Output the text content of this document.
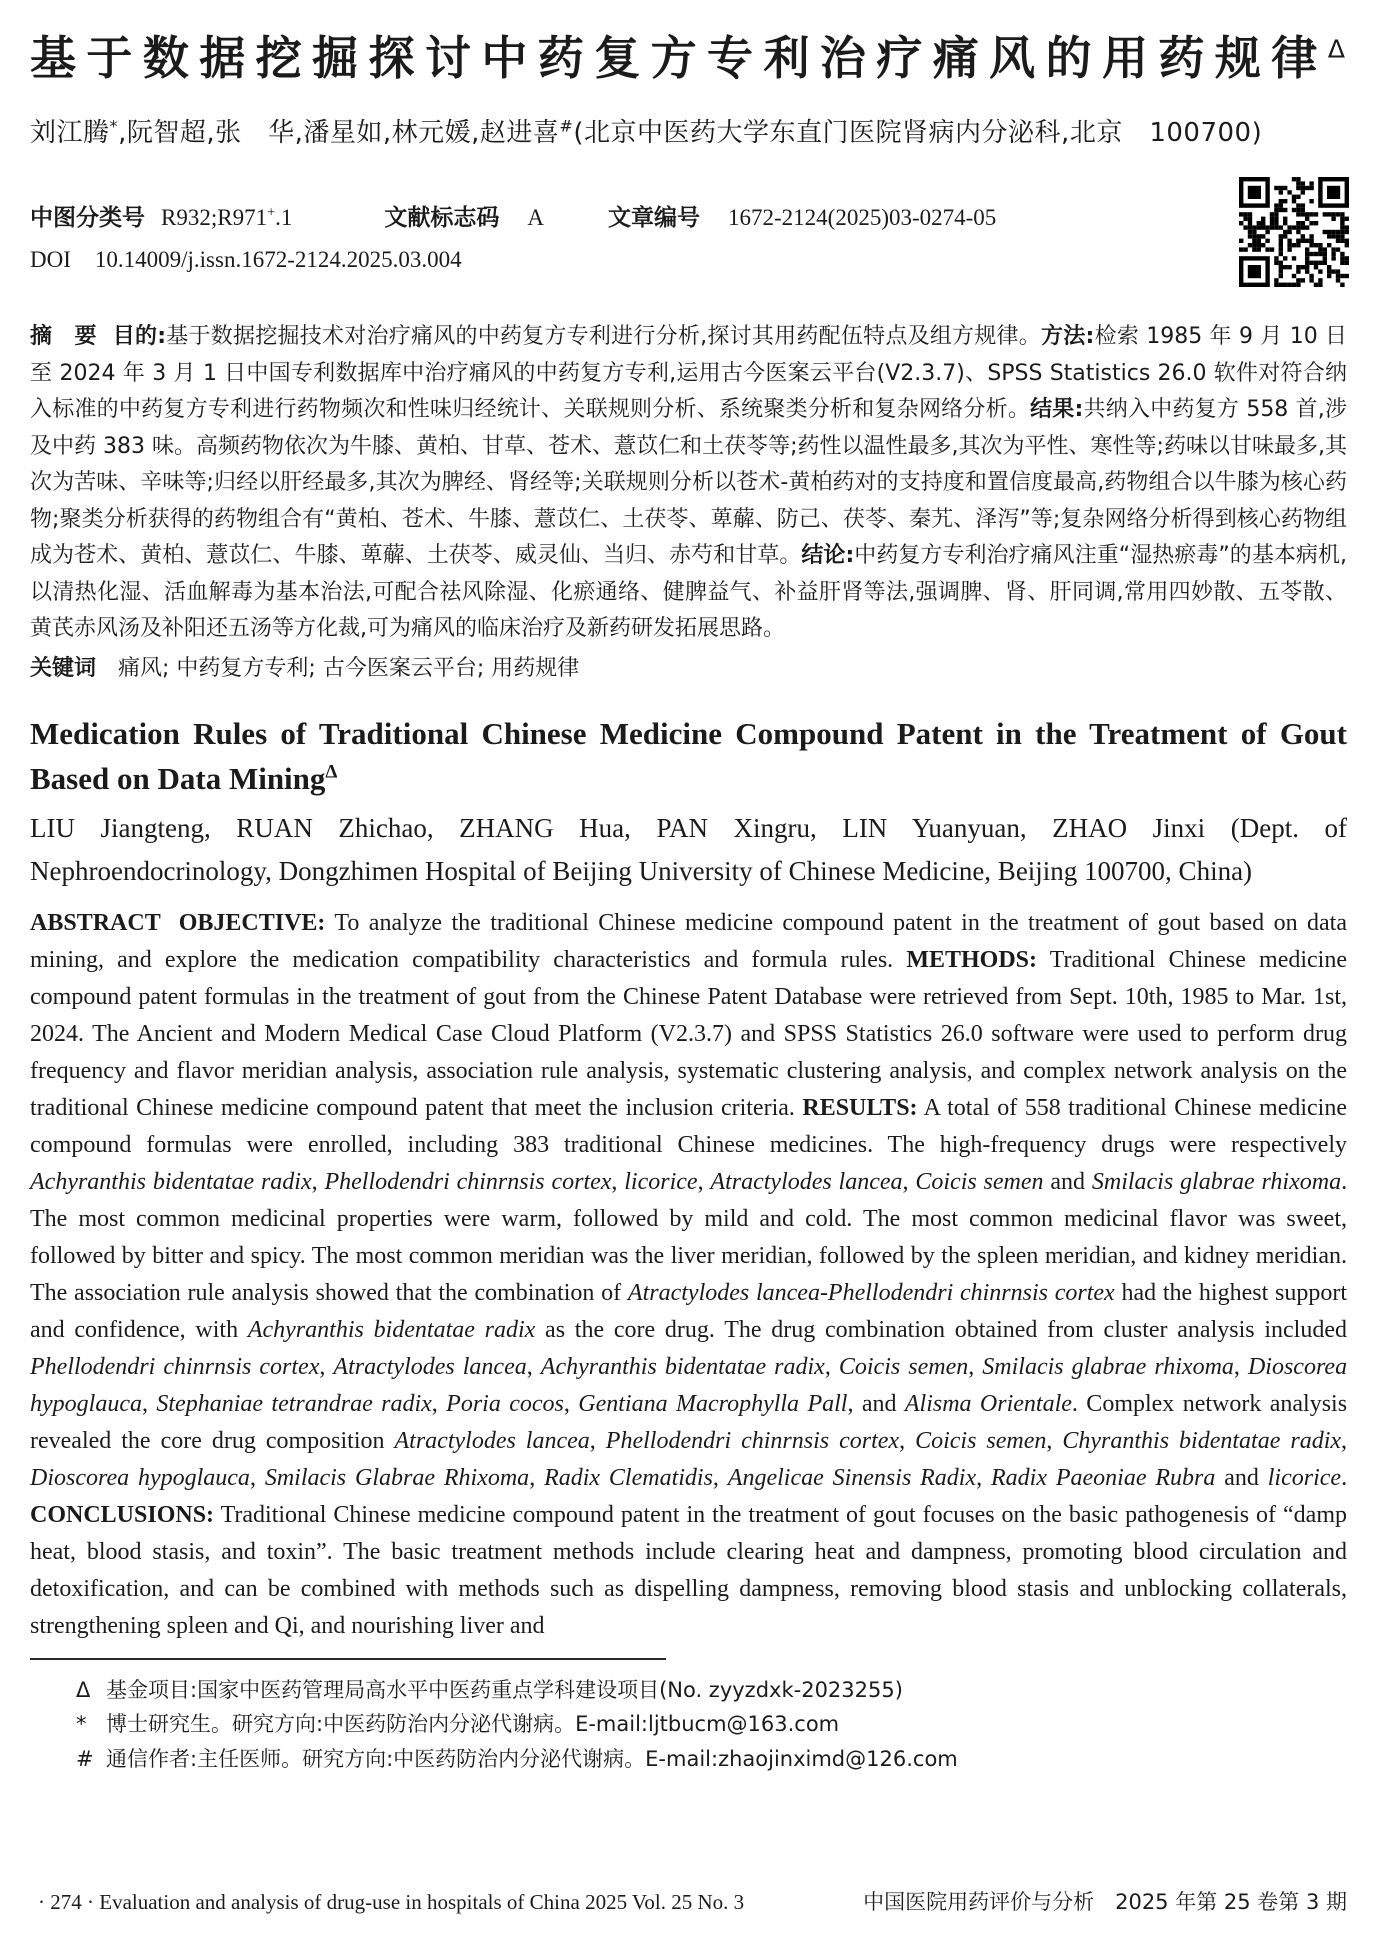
基于数据挖掘探讨中药复方专利治疗痛风的用药规律$^\Delta$

刘江腾*,阮智超,张　华,潘星如,林元媛,赵进喜#(北京中医药大学东直门医院肾病内分泌科,北京　100700)

中图分类号 R932;R971+.1	文献标志码 A	文章编号 1672-2124(2025)03-0274-05
DOI 10.14009/j.issn.1672-2124.2025.03.004

摘　要 目的:基于数据挖掘技术对治疗痛风的中药复方专利进行分析,探讨其用药配伍特点及组方规律。方法:检索 1985 年 9 月 10 日至 2024 年 3 月 1 日中国专利数据库中治疗痛风的中药复方专利,运用古今医案云平台(V2.3.7)、SPSS Statistics 26.0 软件对符合纳入标准的中药复方专利进行药物频次和性味归经统计、关联规则分析、系统聚类分析和复杂网络分析。结果:共纳入中药复方 558 首,涉及中药 383 味。高频药物依次为牛膝、黄柏、甘草、苍术、薏苡仁和土茯苓等;药性以温性最多,其次为平性、寒性等;药味以甘味最多,其次为苦味、辛味等;归经以肝经最多,其次为脾经、肾经等;关联规则分析以苍术-黄柏药对的支持度和置信度最高,药物组合以牛膝为核心药物;聚类分析获得的药物组合有“黄柏、苍术、牛膝、薏苡仁、土茯苓、萆薢、防己、茯苓、秦艽、泽泻”等;复杂网络分析得到核心药物组成为苍术、黄柏、薏苡仁、牛膝、萆薢、土茯苓、威灵仙、当归、赤芍和甘草。结论:中药复方专利治疗痛风注重“湿热瘀毒”的基本病机,以清热化湿、活血解毒为基本治法,可配合祛风除湿、化瘀通络、健脾益气、补益肝肾等法,强调脾、肾、肝同调,常用四妙散、五苓散、黄芪赤风汤及补阳还五汤等方化裁,可为痛风的临床治疗及新药研发拓展思路。

关键词 痛风; 中药复方专利; 古今医案云平台; 用药规律

Medication Rules of Traditional Chinese Medicine Compound Patent in the Treatment of Gout Based on Data Mining$^\Delta$

LIU Jiangteng, RUAN Zhichao, ZHANG Hua, PAN Xingru, LIN Yuanyuan, ZHAO Jinxi (Dept. of Nephroendocrinology, Dongzhimen Hospital of Beijing University of Chinese Medicine, Beijing 100700, China)

ABSTRACT OBJECTIVE: To analyze the traditional Chinese medicine compound patent in the treatment of gout based on data mining, and explore the medication compatibility characteristics and formula rules. METHODS: Traditional Chinese medicine compound patent formulas in the treatment of gout from the Chinese Patent Database were retrieved from Sept. 10th, 1985 to Mar. 1st, 2024. The Ancient and Modern Medical Case Cloud Platform (V2.3.7) and SPSS Statistics 26.0 software were used to perform drug frequency and flavor meridian analysis, association rule analysis, systematic clustering analysis, and complex network analysis on the traditional Chinese medicine compound patent that meet the inclusion criteria. RESULTS: A total of 558 traditional Chinese medicine compound formulas were enrolled, including 383 traditional Chinese medicines. The high-frequency drugs were respectively Achyranthis bidentatae radix, Phellodendri chinrnsis cortex, licorice, Atractylodes lancea, Coicis semen and Smilacis glabrae rhixoma. The most common medicinal properties were warm, followed by mild and cold. The most common medicinal flavor was sweet, followed by bitter and spicy. The most common meridian was the liver meridian, followed by the spleen meridian, and kidney meridian. The association rule analysis showed that the combination of Atractylodes lancea-Phellodendri chinrnsis cortex had the highest support and confidence, with Achyranthis bidentatae radix as the core drug. The drug combination obtained from cluster analysis included Phellodendri chinrnsis cortex, Atractylodes lancea, Achyranthis bidentatae radix, Coicis semen, Smilacis glabrae rhixoma, Dioscorea hypoglauca, Stephaniae tetrandrae radix, Poria cocos, Gentiana Macrophylla Pall, and Alisma Orientale. Complex network analysis revealed the core drug composition Atractylodes lancea, Phellodendri chinrnsis cortex, Coicis semen, Chyranthis bidentatae radix, Dioscorea hypoglauca, Smilacis Glabrae Rhixoma, Radix Clematidis, Angelicae Sinensis Radix, Radix Paeoniae Rubra and licorice. CONCLUSIONS: Traditional Chinese medicine compound patent in the treatment of gout focuses on the basic pathogenesis of “damp heat, blood stasis, and toxin”. The basic treatment methods include clearing heat and dampness, promoting blood circulation and detoxification, and can be combined with methods such as dispelling dampness, removing blood stasis and unblocking collaterals, strengthening spleen and Qi, and nourishing liver and

Δ 基金项目:国家中医药管理局高水平中医药重点学科建设项目(No. zyyzdxk-2023255)
* 博士研究生。研究方向:中医药防治内分泌代谢病。E-mail:ljtbucm@163.com
# 通信作者:主任医师。研究方向:中医药防治内分泌代谢病。E-mail:zhaojinximd@126.com
· 274 · Evaluation and analysis of drug-use in hospitals of China 2025 Vol. 25 No. 3	中国医院用药评价与分析　2025 年第 25 卷第 3 期
